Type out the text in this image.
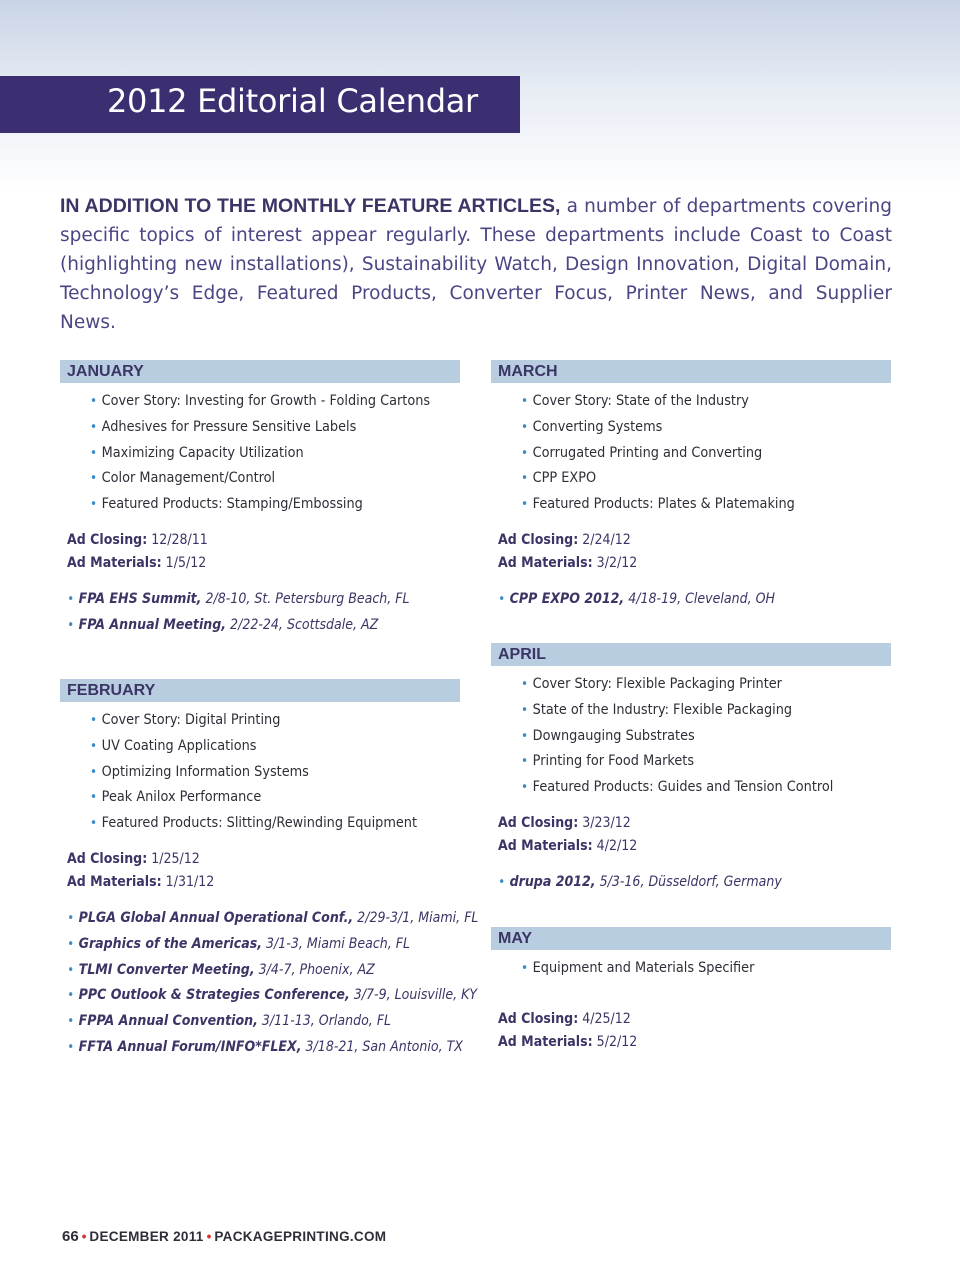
2012 Editorial Calendar
IN ADDITION TO THE MONTHLY FEATURE ARTICLES, a number of departments covering specific topics of interest appear regularly. These departments include Coast to Coast (highlighting new installations), Sustainability Watch, Design Innovation, Digital Domain, Technology’s Edge, Featured Products, Converter Focus, Printer News, and Supplier News.
JANUARY
• Cover Story: Investing for Growth - Folding Cartons
• Adhesives for Pressure Sensitive Labels
• Maximizing Capacity Utilization
• Color Management/Control
• Featured Products: Stamping/Embossing
Ad Closing: 12/28/11
Ad Materials: 1/5/12
• FPA EHS Summit, 2/8-10, St. Petersburg Beach, FL
• FPA Annual Meeting, 2/22-24, Scottsdale, AZ
FEBRUARY
• Cover Story: Digital Printing
• UV Coating Applications
• Optimizing Information Systems
• Peak Anilox Performance
• Featured Products: Slitting/Rewinding Equipment
Ad Closing: 1/25/12
Ad Materials: 1/31/12
• PLGA Global Annual Operational Conf., 2/29-3/1, Miami, FL
• Graphics of the Americas, 3/1-3, Miami Beach, FL
• TLMI Converter Meeting, 3/4-7, Phoenix, AZ
• PPC Outlook & Strategies Conference, 3/7-9, Louisville, KY
• FPPA Annual Convention, 3/11-13, Orlando, FL
• FFTA Annual Forum/INFO*FLEX, 3/18-21, San Antonio, TX
MARCH
• Cover Story: State of the Industry
• Converting Systems
• Corrugated Printing and Converting
• CPP EXPO
• Featured Products: Plates & Platemaking
Ad Closing: 2/24/12
Ad Materials: 3/2/12
• CPP EXPO 2012, 4/18-19, Cleveland, OH
APRIL
• Cover Story: Flexible Packaging Printer
• State of the Industry: Flexible Packaging
• Downgauging Substrates
• Printing for Food Markets
• Featured Products: Guides and Tension Control
Ad Closing: 3/23/12
Ad Materials: 4/2/12
• drupa 2012, 5/3-16, Düsseldorf, Germany
MAY
• Equipment and Materials Specifier
Ad Closing: 4/25/12
Ad Materials: 5/2/12
66 • DECEMBER 2011 • PACKAGEPRINTING.COM
